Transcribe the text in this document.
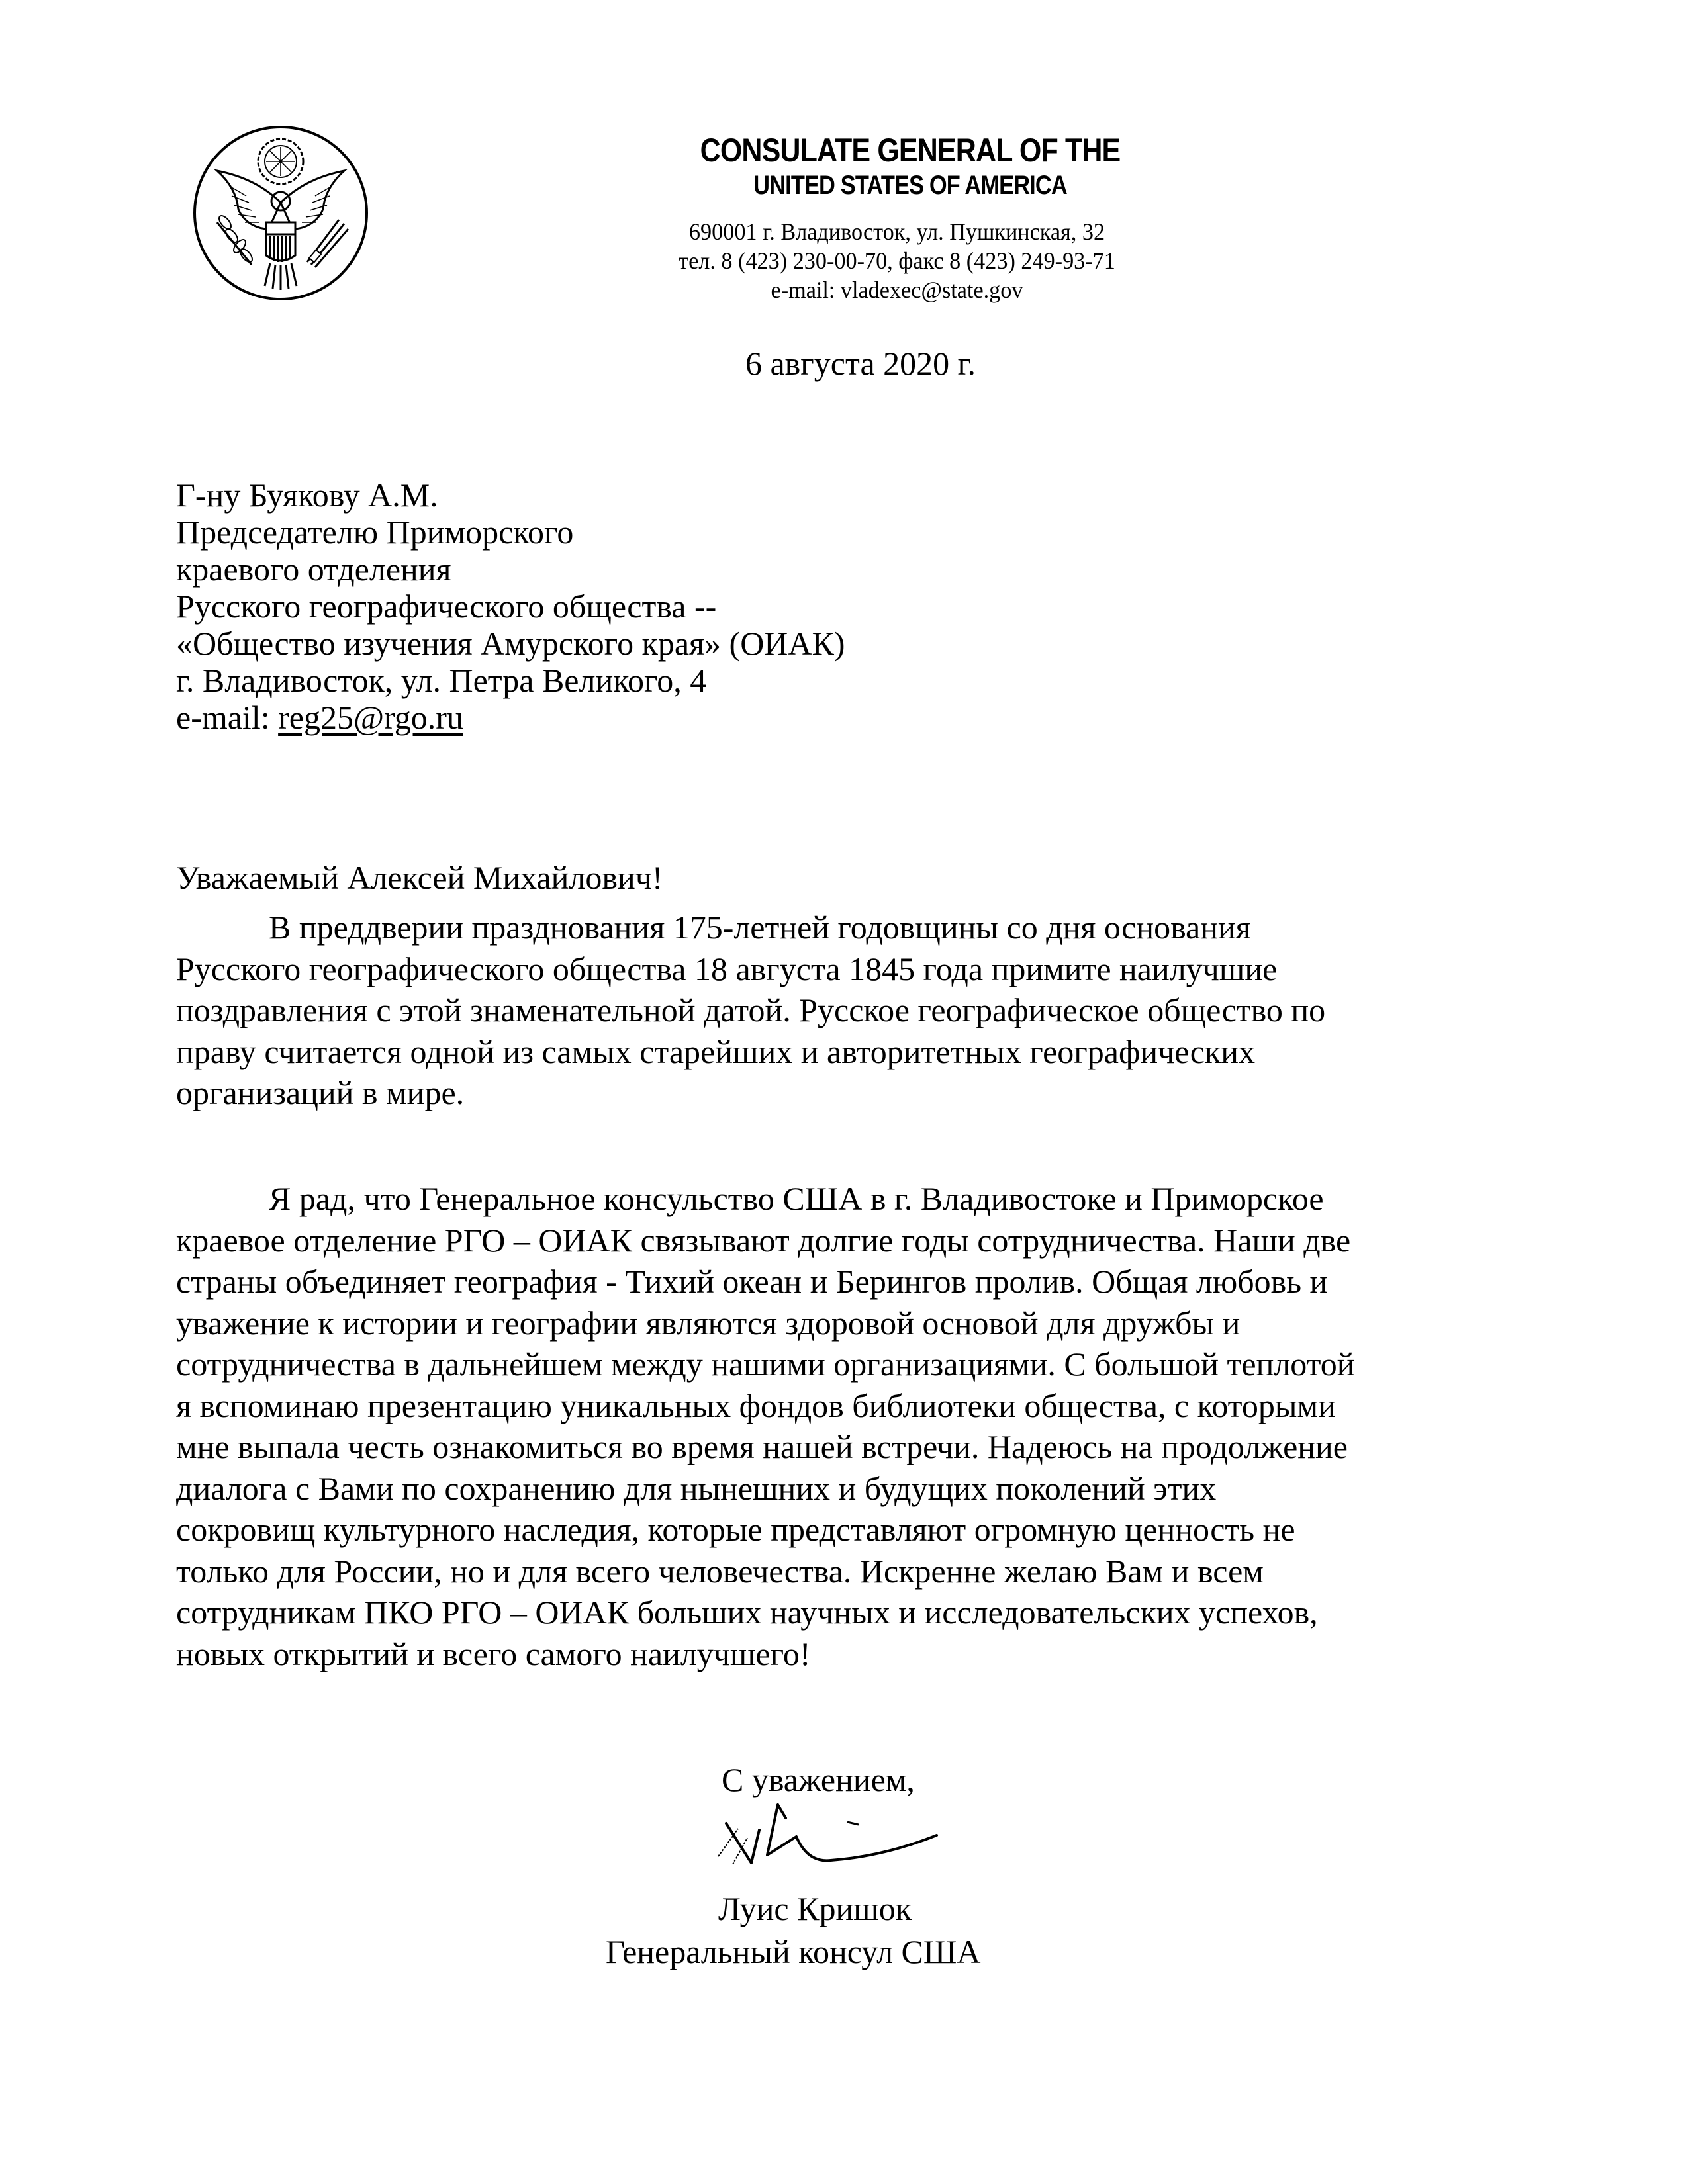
CONSULATE GENERAL OF THE
UNITED STATES OF AMERICA
690001 г. Владивосток, ул. Пушкинская, 32
тел. 8 (423) 230-00-70, факс 8 (423) 249-93-71
e-mail: vladexec@state.gov
6 августа 2020 г.
Г-ну Буякову А.М.
Председателю Приморского
краевого отделения
Русского географического общества --
«Общество изучения Амурского края» (ОИАК)
г. Владивосток, ул. Петра Великого, 4
e-mail: reg25@rgo.ru
Уважаемый Алексей Михайлович!
В преддверии празднования 175-летней годовщины со дня основания
Русского географического общества 18 августа 1845 года примите наилучшие
поздравления с этой знаменательной датой. Русское географическое общество по
праву считается одной из самых старейших и авторитетных географических
организаций в мире.
Я рад, что Генеральное консульство США в г. Владивостоке и Приморское
краевое отделение РГО – ОИАК связывают долгие годы сотрудничества. Наши две
страны объединяет география - Тихий океан и Берингов пролив. Общая любовь и
уважение к истории и географии являются здоровой основой для дружбы и
сотрудничества в дальнейшем между нашими организациями. С большой теплотой
я вспоминаю презентацию уникальных фондов библиотеки общества, с которыми
мне выпала честь ознакомиться во время нашей встречи. Надеюсь на продолжение
диалога с Вами по сохранению для нынешних и будущих поколений этих
сокровищ культурного наследия, которые представляют огромную ценность не
только для России, но и для всего человечества. Искренне желаю Вам и всем
сотрудникам ПКО РГО – ОИАК больших научных и исследовательских успехов,
новых открытий и всего самого наилучшего!
С уважением,
Луис Кришок
Генеральный консул США
